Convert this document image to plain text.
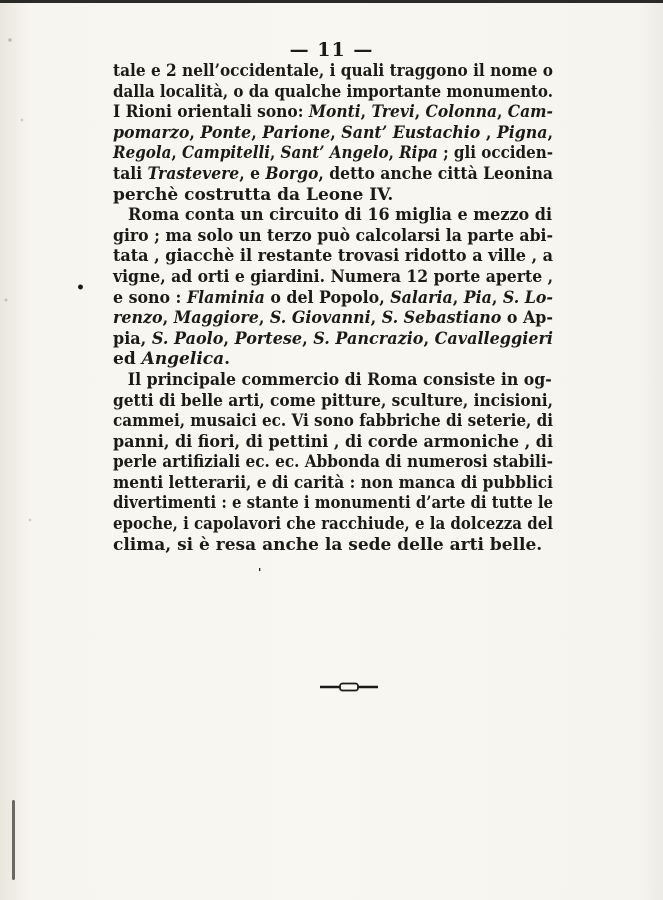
— 11 —
•
tale e 2 nell’occidentale, i quali traggono il nome o
dalla località, o da qualche importante monumento.
I Rioni orientali sono: Monti, Trevi, Colonna, Cam-
pomarzo, Ponte, Parione, Sant’ Eustachio , Pigna,
Regola, Campitelli, Sant’ Angelo, Ripa ; gli occiden-
tali Trastevere, e Borgo, detto anche città Leonina
perchè costrutta da Leone IV.
Roma conta un circuito di 16 miglia e mezzo di
giro ; ma solo un terzo può calcolarsi la parte abi-
tata , giacchè il restante trovasi ridotto a ville , a
vigne, ad orti e giardini. Numera 12 porte aperte ,
e sono : Flaminia o del Popolo, Salaria, Pia, S. Lo-
renzo, Maggiore, S. Giovanni, S. Sebastiano o Ap-
pia, S. Paolo, Portese, S. Pancrazio, Cavalleggieri
ed Angelica.
Il principale commercio di Roma consiste in og-
getti di belle arti, come pitture, sculture, incisioni,
cammei, musaici ec. Vi sono fabbriche di seterie, di
panni, di fiori, di pettini , di corde armoniche , di
perle artifiziali ec. ec. Abbonda di numerosi stabili-
menti letterarii, e di carità : non manca di pubblici
divertimenti : e stante i monumenti d’arte di tutte le
epoche, i capolavori che racchiude, e la dolcezza del
clima, si è resa anche la sede delle arti belle.
'
